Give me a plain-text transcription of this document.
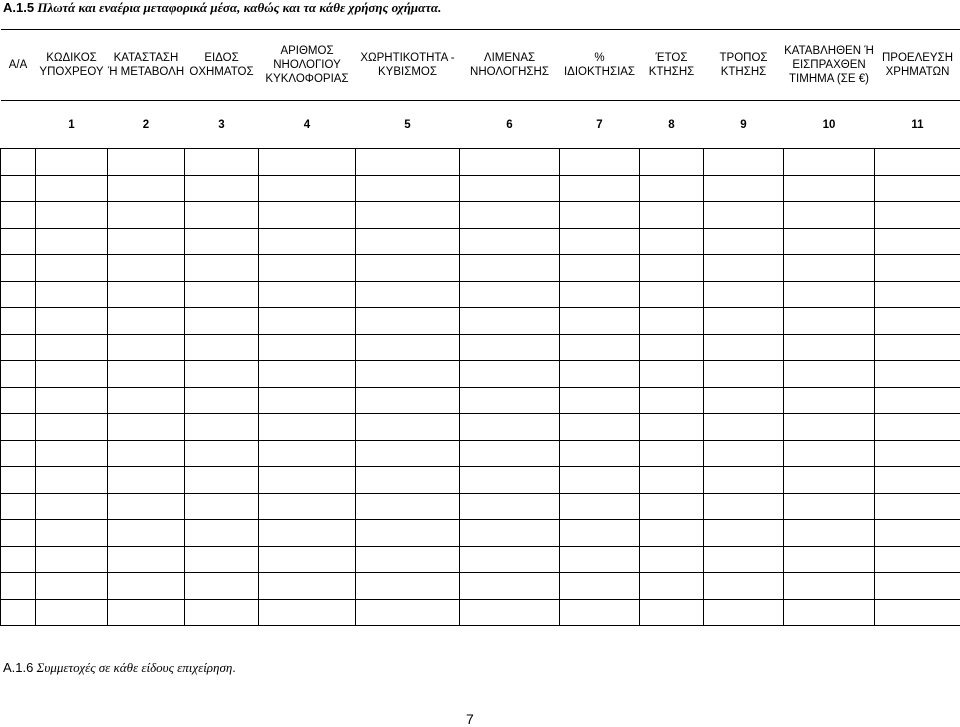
Α.1.5 Πλωτά και εναέρια μεταφορικά μέσα, καθώς και τα κάθε χρήσης οχήματα.
Α/Α	ΚΩΔΙΚΟΣ ΥΠΟΧΡΕΟΥ	ΚΑΤΑΣΤΑΣΗ Ή ΜΕΤΑΒΟΛΗ	ΕΙΔΟΣ ΟΧΗΜΑΤΟΣ	ΑΡΙΘΜΟΣ ΝΗΟΛΟΓΙΟΥ ΚΥΚΛΟΦΟΡΙΑΣ	ΧΩΡΗΤΙΚΟΤΗΤΑ - ΚΥΒΙΣΜΟΣ	ΛΙΜΕΝΑΣ ΝΗΟΛΟΓΗΣΗΣ	% ΙΔΙΟΚΤΗΣΙΑΣ	ΈΤΟΣ ΚΤΗΣΗΣ	ΤΡΟΠΟΣ ΚΤΗΣΗΣ	ΚΑΤΑΒΛΗΘΕΝ Ή ΕΙΣΠΡΑΧΘΕΝ ΤΙΜΗΜΑ (ΣΕ €)	ΠΡΟΕΛΕΥΣΗ ΧΡΗΜΑΤΩΝ
	1	2	3	4	5	6	7	8	9	10	11

Α.1.6 Συμμετοχές σε κάθε είδους επιχείρηση.
7
